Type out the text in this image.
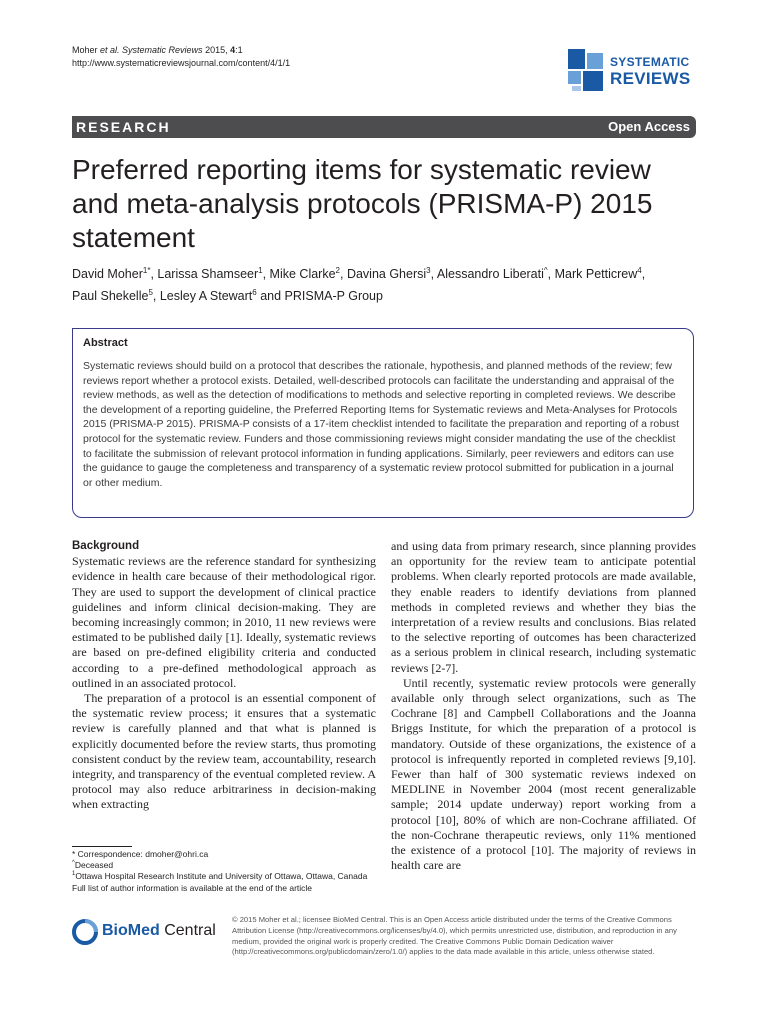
Moher et al. Systematic Reviews 2015, 4:1
http://www.systematicreviewsjournal.com/content/4/1/1	SYSTEMATIC
REVIEWS
RESEARCH	Open Access
Preferred reporting items for systematic review and meta-analysis protocols (PRISMA-P) 2015 statement
David Moher$^{1*}$, Larissa Shamseer$^1$, Mike Clarke$^2$, Davina Ghersi$^3$, Alessandro Liberati^, Mark Petticrew$^4$,
Paul Shekelle$^5$, Lesley A Stewart$^6$ and PRISMA-P Group
Abstract
Systematic reviews should build on a protocol that describes the rationale, hypothesis, and planned methods of the review; few reviews report whether a protocol exists. Detailed, well-described protocols can facilitate the understanding and appraisal of the review methods, as well as the detection of modifications to methods and selective reporting in completed reviews. We describe the development of a reporting guideline, the Preferred Reporting Items for Systematic reviews and Meta-Analyses for Protocols 2015 (PRISMA-P 2015). PRISMA-P consists of a 17-item checklist intended to facilitate the preparation and reporting of a robust protocol for the systematic review. Funders and those commissioning reviews might consider mandating the use of the checklist to facilitate the submission of relevant protocol information in funding applications. Similarly, peer reviewers and editors can use the guidance to gauge the completeness and transparency of a systematic review protocol submitted for publication in a journal or other medium.
Background

Systematic reviews are the reference standard for synthesizing evidence in health care because of their methodological rigor. They are used to support the development of clinical practice guidelines and inform clinical decision-making. They are becoming increasingly common; in 2010, 11 new reviews were estimated to be published daily [1]. Ideally, systematic reviews are based on pre-defined eligibility criteria and conducted according to a pre-defined methodological approach as outlined in an associated protocol.

The preparation of a protocol is an essential component of the systematic review process; it ensures that a systematic review is carefully planned and that what is planned is explicitly documented before the review starts, thus promoting consistent conduct by the review team, accountability, research integrity, and transparency of the eventual completed review. A protocol may also reduce arbitrariness in decision-making when extracting

and using data from primary research, since planning provides an opportunity for the review team to anticipate potential problems. When clearly reported protocols are made available, they enable readers to identify deviations from planned methods in completed reviews and whether they bias the interpretation of a review results and conclusions. Bias related to the selective reporting of outcomes has been characterized as a serious problem in clinical research, including systematic reviews [2-7].

Until recently, systematic review protocols were generally available only through select organizations, such as The Cochrane [8] and Campbell Collaborations and the Joanna Briggs Institute, for which the preparation of a protocol is mandatory. Outside of these organizations, the existence of a protocol is infrequently reported in completed reviews [9,10]. Fewer than half of 300 systematic reviews indexed on MEDLINE in November 2004 (most recent generalizable sample; 2014 update underway) report working from a protocol [10], 80% of which are non-Cochrane affiliated. Of the non-Cochrane therapeutic reviews, only 11% mentioned the existence of a protocol [10]. The majority of reviews in health care are

* Correspondence: dmoher@ohri.ca
^Deceased
$^1$Ottawa Hospital Research Institute and University of Ottawa, Ottawa, Canada
Full list of author information is available at the end of the article
BioMed Central
© 2015 Moher et al.; licensee BioMed Central. This is an Open Access article distributed under the terms of the Creative Commons Attribution License (http://creativecommons.org/licenses/by/4.0), which permits unrestricted use, distribution, and reproduction in any medium, provided the original work is properly credited. The Creative Commons Public Domain Dedication waiver (http://creativecommons.org/publicdomain/zero/1.0/) applies to the data made available in this article, unless otherwise stated.
